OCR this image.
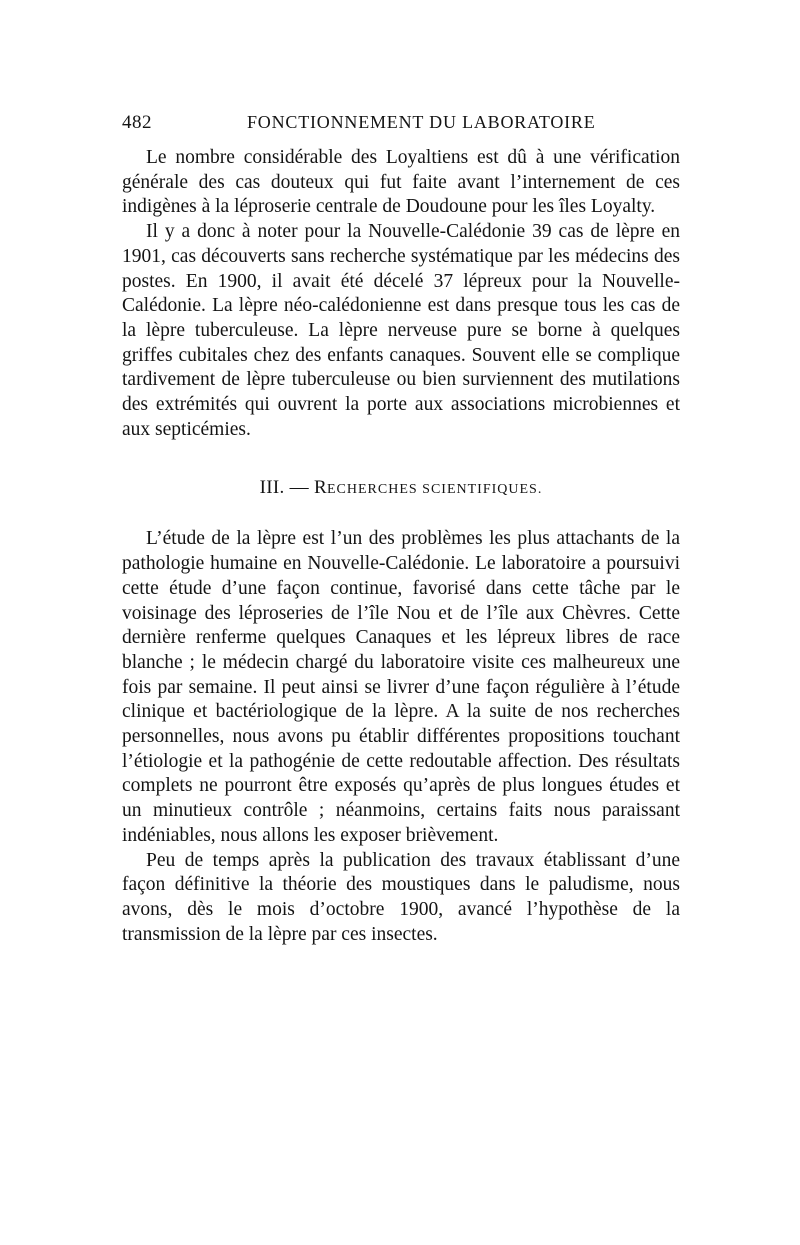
482	FONCTIONNEMENT DU LABORATOIRE

Le nombre considérable des Loyaltiens est dû à une vérification générale des cas douteux qui fut faite avant l’internement de ces indigènes à la léproserie centrale de Doudoune pour les îles Loyalty.

Il y a donc à noter pour la Nouvelle-Calédonie 39 cas de lèpre en 1901, cas découverts sans recherche systématique par les médecins des postes. En 1900, il avait été décelé 37 lépreux pour la Nouvelle-Calédonie. La lèpre néo-calédonienne est dans presque tous les cas de la lèpre tuberculeuse. La lèpre nerveuse pure se borne à quelques griffes cubitales chez des enfants canaques. Souvent elle se complique tardivement de lèpre tuberculeuse ou bien surviennent des mutilations des extrémités qui ouvrent la porte aux associations microbiennes et aux septicémies.

III. — RECHERCHES SCIENTIFIQUES.

L’étude de la lèpre est l’un des problèmes les plus attachants de la pathologie humaine en Nouvelle-Calédonie. Le laboratoire a poursuivi cette étude d’une façon continue, favorisé dans cette tâche par le voisinage des léproseries de l’île Nou et de l’île aux Chèvres. Cette dernière renferme quelques Canaques et les lépreux libres de race blanche ; le médecin chargé du laboratoire visite ces malheureux une fois par semaine. Il peut ainsi se livrer d’une façon régulière à l’étude clinique et bactériologique de la lèpre. A la suite de nos recherches personnelles, nous avons pu établir différentes propositions touchant l’étiologie et la pathogénie de cette redoutable affection. Des résultats complets ne pourront être exposés qu’après de plus longues études et un minutieux contrôle ; néanmoins, certains faits nous paraissant indéniables, nous allons les exposer brièvement.

Peu de temps après la publication des travaux établissant d’une façon définitive la théorie des moustiques dans le paludisme, nous avons, dès le mois d’octobre 1900, avancé l’hypothèse de la transmission de la lèpre par ces insectes.
